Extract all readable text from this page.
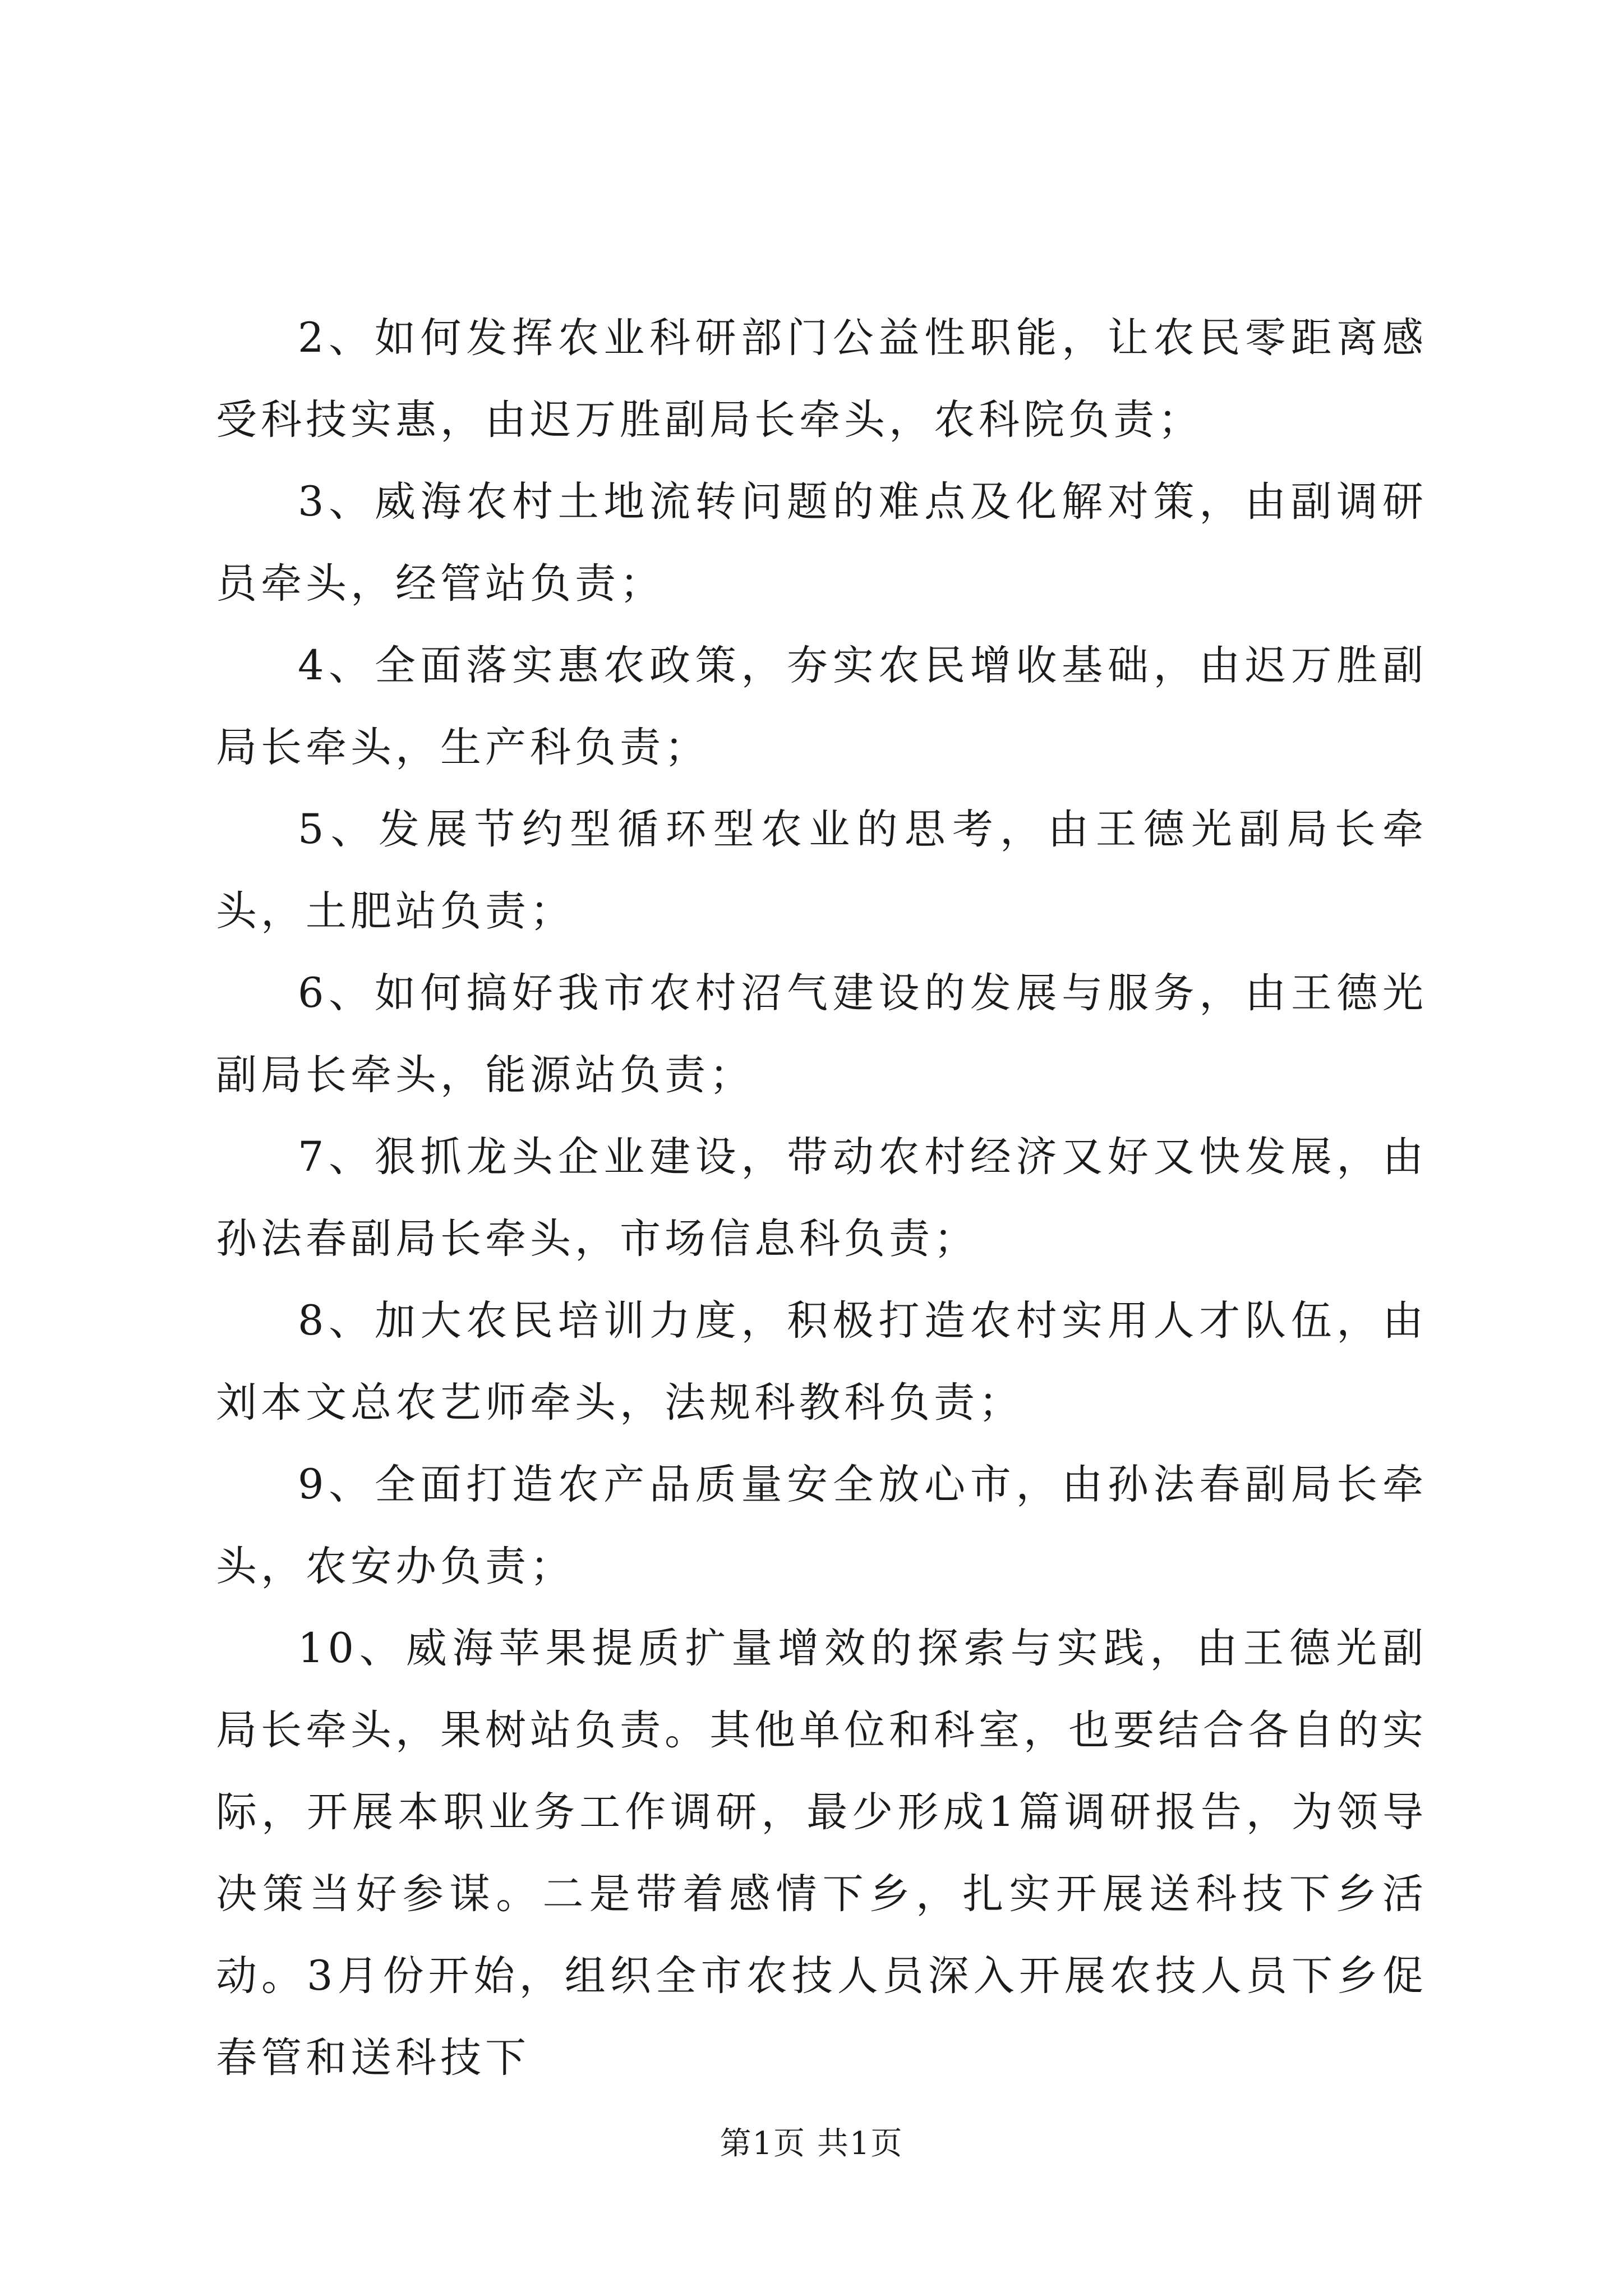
2、如何发挥农业科研部门公益性职能，让农民零距离感受科技实惠，由迟万胜副局长牵头，农科院负责；

3、威海农村土地流转问题的难点及化解对策，由副调研员牵头，经管站负责；

4、全面落实惠农政策，夯实农民增收基础，由迟万胜副局长牵头，生产科负责；

5、发展节约型循环型农业的思考，由王德光副局长牵头，土肥站负责；

6、如何搞好我市农村沼气建设的发展与服务，由王德光副局长牵头，能源站负责；

7、狠抓龙头企业建设，带动农村经济又好又快发展，由孙法春副局长牵头，市场信息科负责；

8、加大农民培训力度，积极打造农村实用人才队伍，由刘本文总农艺师牵头，法规科教科负责；

9、全面打造农产品质量安全放心市，由孙法春副局长牵头，农安办负责；

10、威海苹果提质扩量增效的探索与实践，由王德光副局长牵头，果树站负责。其他单位和科室，也要结合各自的实际，开展本职业务工作调研，最少形成1篇调研报告，为领导决策当好参谋。二是带着感情下乡，扎实开展送科技下乡活动。3月份开始，组织全市农技人员深入开展农技人员下乡促春管和送科技下

第1页 共1页
